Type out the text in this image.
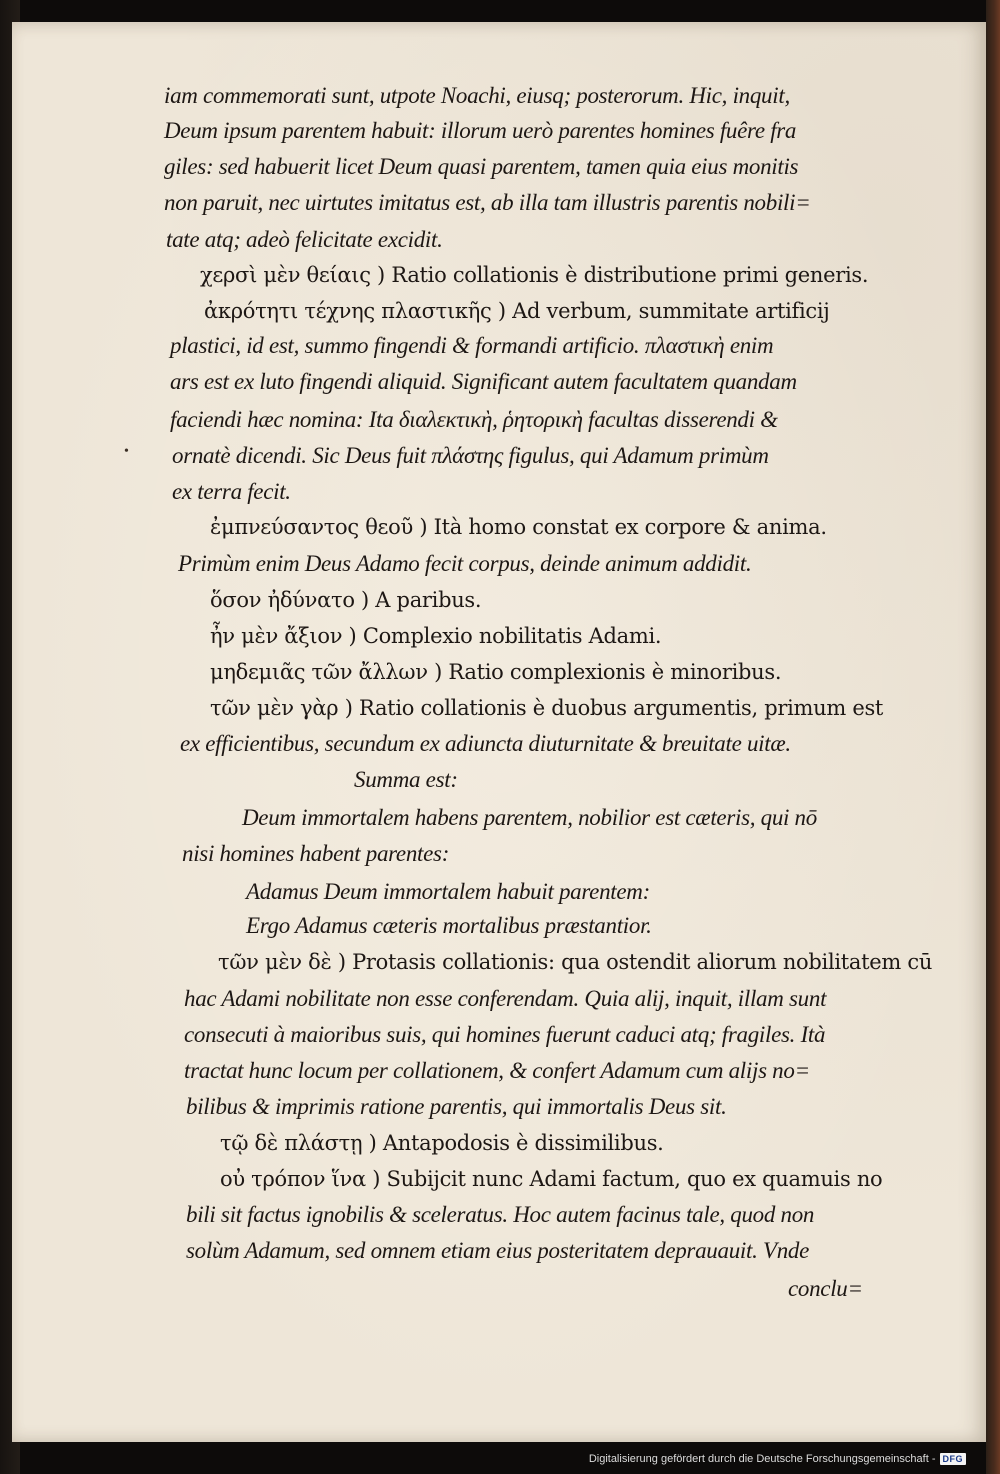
•
iam commemorati sunt, utpote Noachi, eiusq; posterorum. Hic, inquit,
Deum ipsum parentem habuit: illorum uerò parentes homines fuêre fra
giles: sed habuerit licet Deum quasi parentem, tamen quia eius monitis
non paruit, nec uirtutes imitatus est, ab illa tam illustris parentis nobili=
tate atq; adeò felicitate excidit.
χερσὶ μὲν θείαις ) Ratio collationis è distributione primi generis.
ἀκρότητι τέχνης πλαστικῆς ) Ad verbum, summitate artificij
plastici, id est, summo fingendi & formandi artificio. πλαστικὴ enim
ars est ex luto fingendi aliquid. Significant autem facultatem quandam
faciendi hæc nomina: Ita διαλεκτικὴ, ῥητορικὴ facultas disserendi &
ornatè dicendi. Sic Deus fuit πλάστης figulus, qui Adamum primùm
ex terra fecit.
ἐμπνεύσαντος θεοῦ ) Ità homo constat ex corpore & anima.
Primùm enim Deus Adamo fecit corpus, deinde animum addidit.
ὅσον ἠδύνατο ) A paribus.
ἦν μὲν ἄξιον ) Complexio nobilitatis Adami.
μηδεμιᾶς τῶν ἄλλων ) Ratio complexionis è minoribus.
τῶν μὲν γὰρ ) Ratio collationis è duobus argumentis, primum est
ex efficientibus, secundum ex adiuncta diuturnitate & breuitate uitæ.
Summa est:
Deum immortalem habens parentem, nobilior est cæteris, qui nō
nisi homines habent parentes:
Adamus Deum immortalem habuit parentem:
Ergo Adamus cæteris mortalibus præstantior.
τῶν μὲν δὲ ) Protasis collationis: qua ostendit aliorum nobilitatem cū
hac Adami nobilitate non esse conferendam. Quia alij, inquit, illam sunt
consecuti à maioribus suis, qui homines fuerunt caduci atq; fragiles. Ità
tractat hunc locum per collationem, & confert Adamum cum alijs no=
bilibus & imprimis ratione parentis, qui immortalis Deus sit.
τῷ δὲ πλάστῃ ) Antapodosis è dissimilibus.
οὐ τρόπον ἵνα ) Subijcit nunc Adami factum, quo ex quamuis no
bili sit factus ignobilis & sceleratus. Hoc autem facinus tale, quod non
solùm Adamum, sed omnem etiam eius posteritatem deprauauit. Vnde
conclu=
Digitalisierung gefördert durch die Deutsche Forschungsgemeinschaft - DFG
